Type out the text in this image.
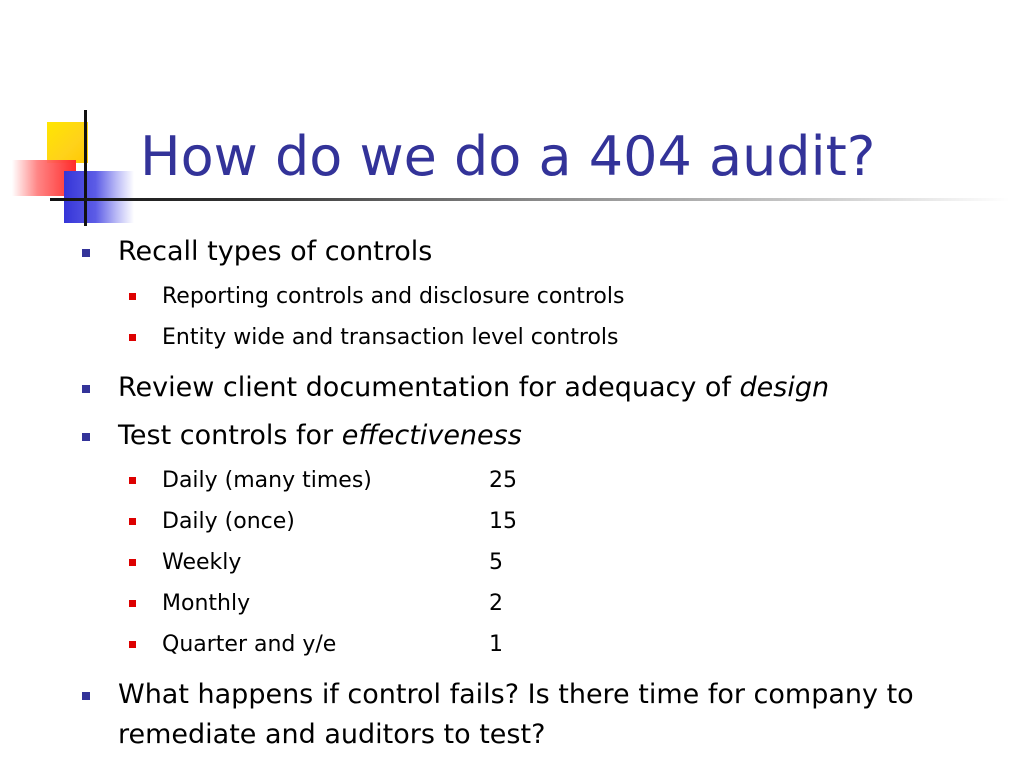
How do we do a 404 audit?
Recall types of controls
Reporting controls and disclosure controls
Entity wide and transaction level controls
Review client documentation for adequacy of design
Test controls for effectiveness
Daily (many times)	25
Daily (once)	15
Weekly	5
Monthly	2
Quarter and y/e	1
What happens if control fails? Is there time for company to remediate and auditors to test?
